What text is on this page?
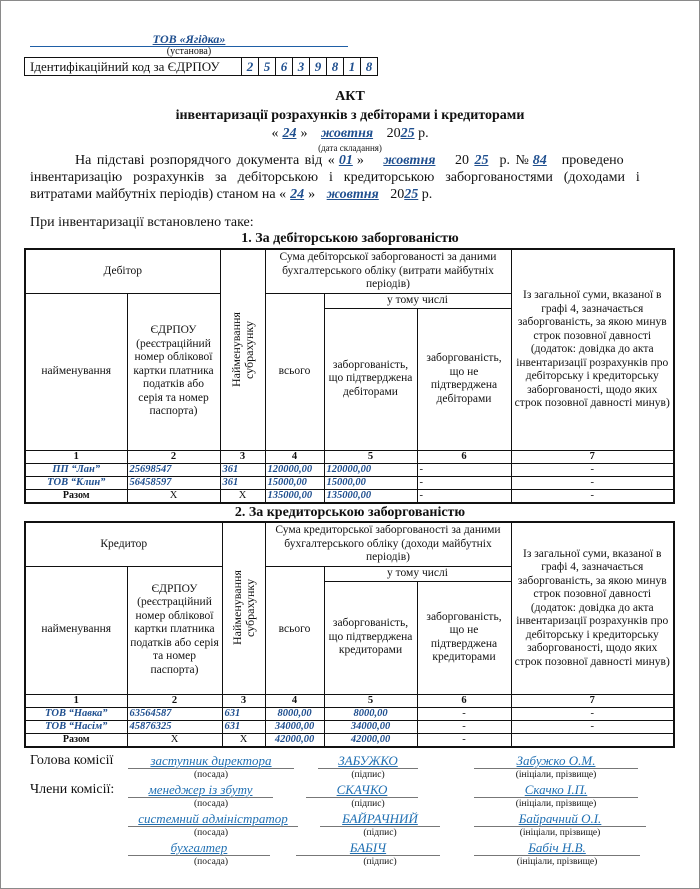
ТОВ «Ягідка»
(установа)
Ідентифікаційний код за ЄДРПОУ	2 5 6 3 9 8 1 8
АКТ
інвентаризації розрахунків з дебіторами і кредиторами
« 24 » жовтня 2025 р.
(дата складання)
На підставі розпорядчого документа від « 01 » жовтня 20 25 р. № 84 проведено
інвентаризацію розрахунків за дебіторською і кредиторською заборгованостями (доходами і
витратами майбутніх періодів) станом на « 24 » жовтня 2025 р.
При інвентаризації встановлено таке:
1. За дебіторською заборгованістю
Дебітор		Найменування субрахунку	Сума дебіторської заборгованості за даними бухгалтерського обліку (витрати майбутніх періодів)			Із загальної суми, вказаної в графі 4, зазначається заборгованість, за якою минув строк позовної давності (додаток: довідка до акта інвентаризації розрахунків про дебіторську і кредиторську заборгованості, щодо яких строк позовної давності минув)
найменування	ЄДРПОУ (реєстраційний номер облікової картки платника податків або серія та номер паспорта)		всього	у тому числі		
				заборгованість, що підтверджена дебіторами	заборгованість, що не підтверджена дебіторами	
1	2	3	4	5	6	7
ПП “Лан”	25698547	361	120000,00	120000,00	-	-
ТОВ “Клин”	56458597	361	15000,00	15000,00	-	-
Разом	X	X	135000,00	135000,00	-	-
2. За кредиторською заборгованістю
Кредитор		Найменування субрахунку	Сума кредиторської заборгованості за даними бухгалтерського обліку (доходи майбутніх періодів)			Із загальної суми, вказаної в графі 4, зазначається заборгованість, за якою минув строк позовної давності (додаток: довідка до акта інвентаризації розрахунків про дебіторську і кредиторську заборгованості, щодо яких строк позовної давності минув)
найменування	ЄДРПОУ (реєстраційний номер облікової картки платника податків або серія та номер паспорта)		всього	у тому числі		
				заборгованість, що підтверджена кредиторами	заборгованість, що не підтверджена кредиторами	
1	2	3	4	5	6	7
ТОВ “Навка”	63564587	631	8000,00	8000,00	-	-
ТОВ “Насім”	45876325	631	34000,00	34000,00	-	-
Разом	X	X	42000,00	42000,00	-	
Голова комісії
Члени комісії:
заступник директора	ЗАБУЖКО	Забужко О.М.
(посада)	(підпис)	(ініціали, прізвище)
менеджер із збуту	СКАЧКО	Скачко І.П.
(посада)	(підпис)	(ініціали, прізвище)
системний адміністратор	БАЙРАЧНИЙ	Байрачний О.І.
(посада)	(підпис)	(ініціали, прізвище)
бухгалтер	БАБІЧ	Бабіч Н.В.
(посада)	(підпис)	(ініціали, прізвище)
